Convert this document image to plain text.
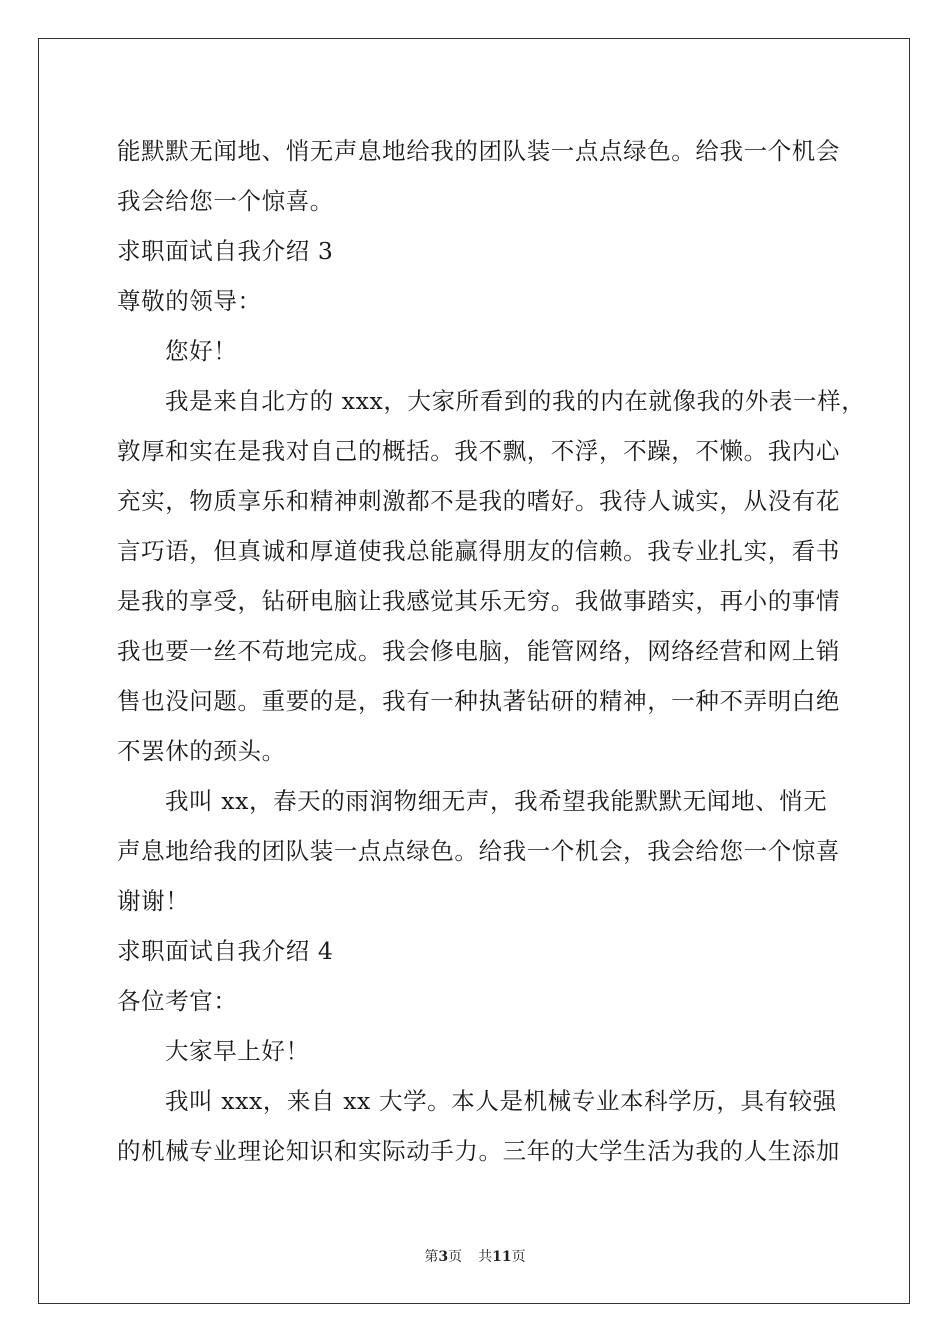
能默默无闻地、悄无声息地给我的团队装一点点绿色。给我一个机会
我会给您一个惊喜。
求职面试自我介绍 3
尊敬的领导：
您好！
我是来自北方的 xxx，大家所看到的我的内在就像我的外表一样，
敦厚和实在是我对自己的概括。我不飘，不浮，不躁，不懒。我内心
充实，物质享乐和精神刺激都不是我的嗜好。我待人诚实，从没有花
言巧语，但真诚和厚道使我总能赢得朋友的信赖。我专业扎实，看书
是我的享受，钻研电脑让我感觉其乐无穷。我做事踏实，再小的事情
我也要一丝不苟地完成。我会修电脑，能管网络，网络经营和网上销
售也没问题。重要的是，我有一种执著钻研的精神，一种不弄明白绝
不罢休的颈头。
我叫 xx，春天的雨润物细无声，我希望我能默默无闻地、悄无
声息地给我的团队装一点点绿色。给我一个机会，我会给您一个惊喜
谢谢！
求职面试自我介绍 4
各位考官：
大家早上好！
我叫 xxx，来自 xx 大学。本人是机械专业本科学历，具有较强
的机械专业理论知识和实际动手力。三年的大学生活为我的人生添加
第3页 共11页
